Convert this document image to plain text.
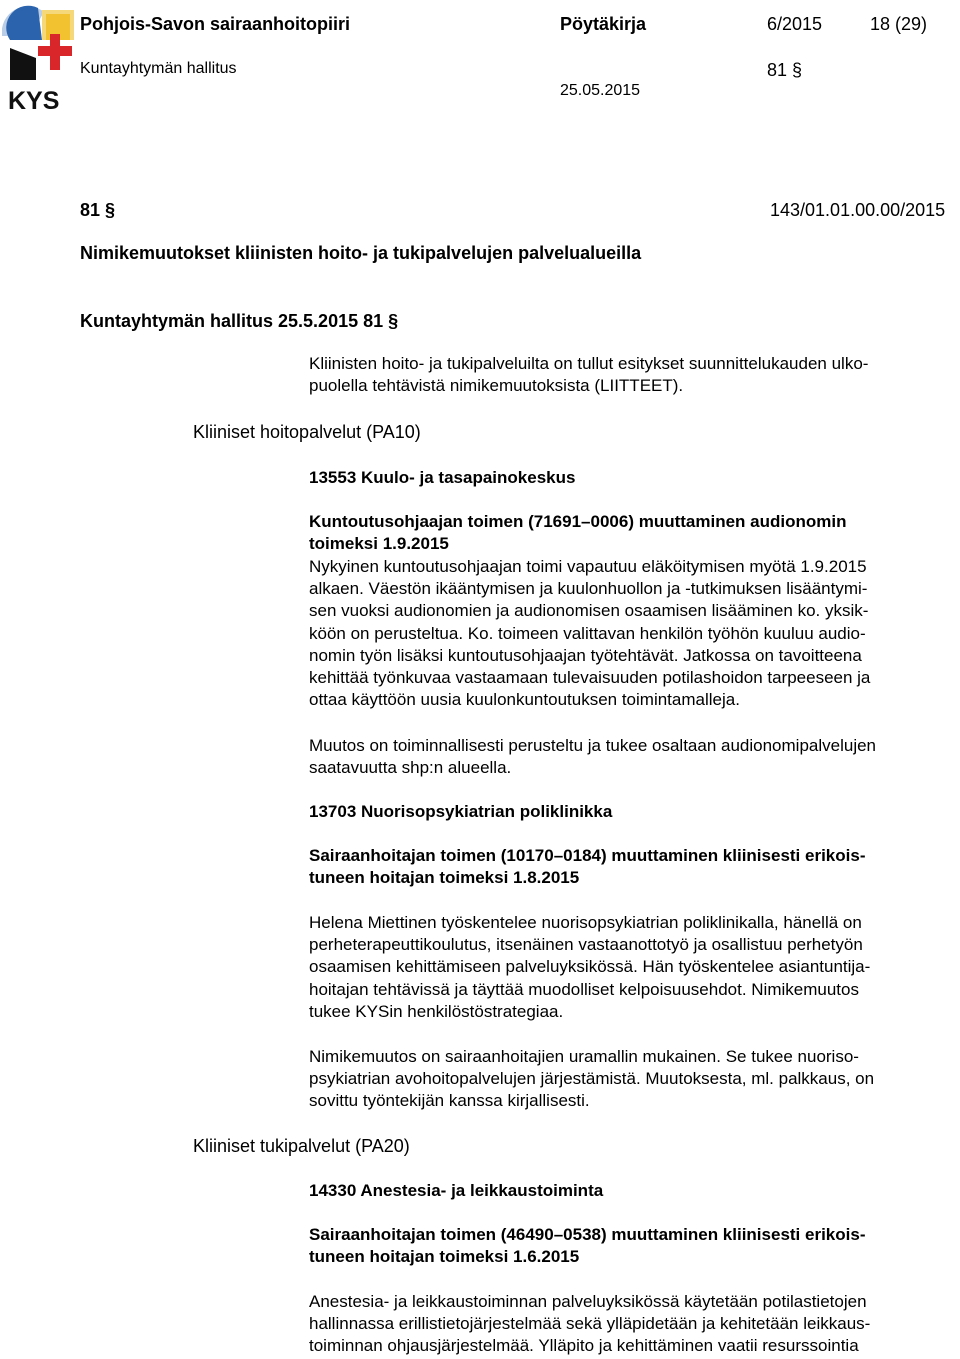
KYS
Pohjois-Savon sairaanhoitopiiri	Pöytäkirja	6/2015	18 (29)
Kuntayhtymän hallitus	81 §
25.05.2015
81 §	143/01.01.00.00/2015
Nimikemuutokset kliinisten hoito- ja tukipalvelujen palvelualueilla
Kuntayhtymän hallitus 25.5.2015 81 §
Kliinisten hoito- ja tukipalveluilta on tullut esitykset suunnittelukauden ulko-
puolella tehtävistä nimikemuutoksista (LIITTEET).
Kliiniset hoitopalvelut (PA10)
Kliiniset tukipalvelut (PA20)
13553 Kuulo- ja tasapainokeskus
Kuntoutusohjaajan toimen (71691–0006) muuttaminen audionomin
toimeksi 1.9.2015
Nykyinen kuntoutusohjaajan toimi vapautuu eläköitymisen myötä 1.9.2015
alkaen. Väestön ikääntymisen ja kuulonhuollon ja -tutkimuksen lisääntymi-
sen vuoksi audionomien ja audionomisen osaamisen lisääminen ko. yksik-
köön on perusteltua. Ko. toimeen valittavan henkilön työhön kuuluu audio-
nomin työn lisäksi kuntoutusohjaajan työtehtävät. Jatkossa on tavoitteena
kehittää työnkuvaa vastaamaan tulevaisuuden potilashoidon tarpeeseen ja
ottaa käyttöön uusia kuulonkuntoutuksen toimintamalleja.
Muutos on toiminnallisesti perusteltu ja tukee osaltaan audionomipalvelujen
saatavuutta shp:n alueella.
13703 Nuorisopsykiatrian poliklinikka
Sairaanhoitajan toimen (10170–0184) muuttaminen kliinisesti erikois-
tuneen hoitajan toimeksi 1.8.2015
Helena Miettinen työskentelee nuorisopsykiatrian poliklinikalla, hänellä on
perheterapeuttikoulutus, itsenäinen vastaanottotyö ja osallistuu perhetyön
osaamisen kehittämiseen palveluyksikössä. Hän työskentelee asiantuntija-
hoitajan tehtävissä ja täyttää muodolliset kelpoisuusehdot. Nimikemuutos
tukee KYSin henkilöstöstrategiaa.
Nimikemuutos on sairaanhoitajien uramallin mukainen. Se tukee nuoriso-
psykiatrian avohoitopalvelujen järjestämistä. Muutoksesta, ml. palkkaus, on
sovittu työntekijän kanssa kirjallisesti.
14330 Anestesia- ja leikkaustoiminta
Sairaanhoitajan toimen (46490–0538) muuttaminen kliinisesti erikois-
tuneen hoitajan toimeksi 1.6.2015
Anestesia- ja leikkaustoiminnan palveluyksikössä käytetään potilastietojen
hallinnassa erillistietojärjestelmää sekä ylläpidetään ja kehitetään leikkaus-
toiminnan ohjausjärjestelmää. Ylläpito ja kehittäminen vaatii resurssointia
